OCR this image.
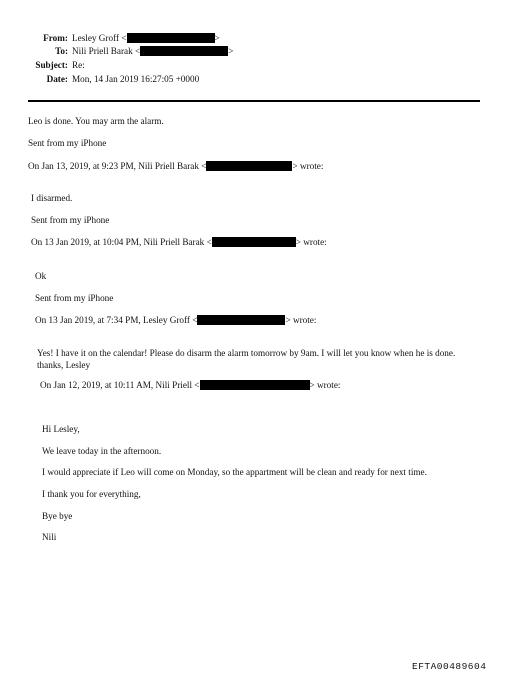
From: Lesley Groff <	>
To: Nili Priell Barak <	>
Subject: Re:
Date: Mon, 14 Jan 2019 16:27:05 +0000
Leo is done. You may arm the alarm.
Sent from my iPhone
On Jan 13, 2019, at 9:23 PM, Nili Priell Barak <	> wrote:
I disarmed.
Sent from my iPhone
On 13 Jan 2019, at 10:04 PM, Nili Priell Barak <	> wrote:
Ok
Sent from my iPhone
On 13 Jan 2019, at 7:34 PM, Lesley Groff <	> wrote:
Yes! I have it on the calendar! Please do disarm the alarm tomorrow by 9am. I will let you know when he is done. thanks, Lesley
On Jan 12, 2019, at 10:11 AM, Nili Priell <	> wrote:
Hi Lesley,
We leave today in the afternoon.
I would appreciate if Leo will come on Monday, so the appartment will be clean and ready for next time.
I thank you for everything,
Bye bye
Nili
EFTA00489604
